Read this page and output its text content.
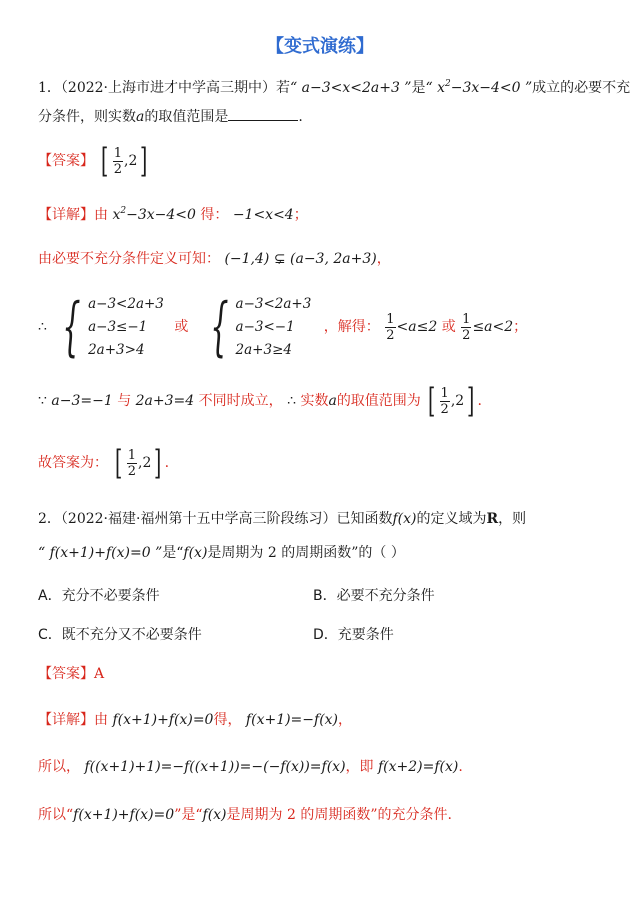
【变式演练】
1．（2022·上海市进才中学高三期中）若“ a−3<x<2a+3 ”是“ $x^2-3x-4<0$ ”成立的必要不充
分条件，则实数a的取值范围是	.
【答案】 [ $\frac{1}{2} ,2$ ]
【详解】由 $x^2-3x-4<0$ 得： −1<x<4；
由必要不充分条件定义可知： (−1,4) ⊊ (a−3, 2a+3)，
∴ { a−3<2a+3
a−3≤−1
2a+3>4
或 { a−3<2a+3
a−3<−1
2a+3≥4
，解得： $\frac{1}{2} <a\le 2$ 或 $\frac{1}{2} \le a<2$；
∵ a−3=−1 与 2a+3=4 不同时成立， ∴ 实数a的取值范围为 [ $\frac{1}{2} ,2$ ] .
故答案为： [ $\frac{1}{2} ,2$ ] .
2．（2022·福建·福州第十五中学高三阶段练习）已知函数f(x)的定义域为R，则
“ f(x+1)+f(x)=0 ”是“f(x)是周期为 2 的周期函数”的（ ）
A．充分不必要条件	B．必要不充分条件
C．既不充分又不必要条件	D．充要条件
【答案】A
【详解】由 f(x+1)+f(x)=0得， f(x+1)=−f(x)，
所以， f((x+1)+1)=−f((x+1))=−(−f(x))=f(x)，即 f(x+2)=f(x).
所以“f(x+1)+f(x)=0”是“f(x)是周期为 2 的周期函数”的充分条件.
